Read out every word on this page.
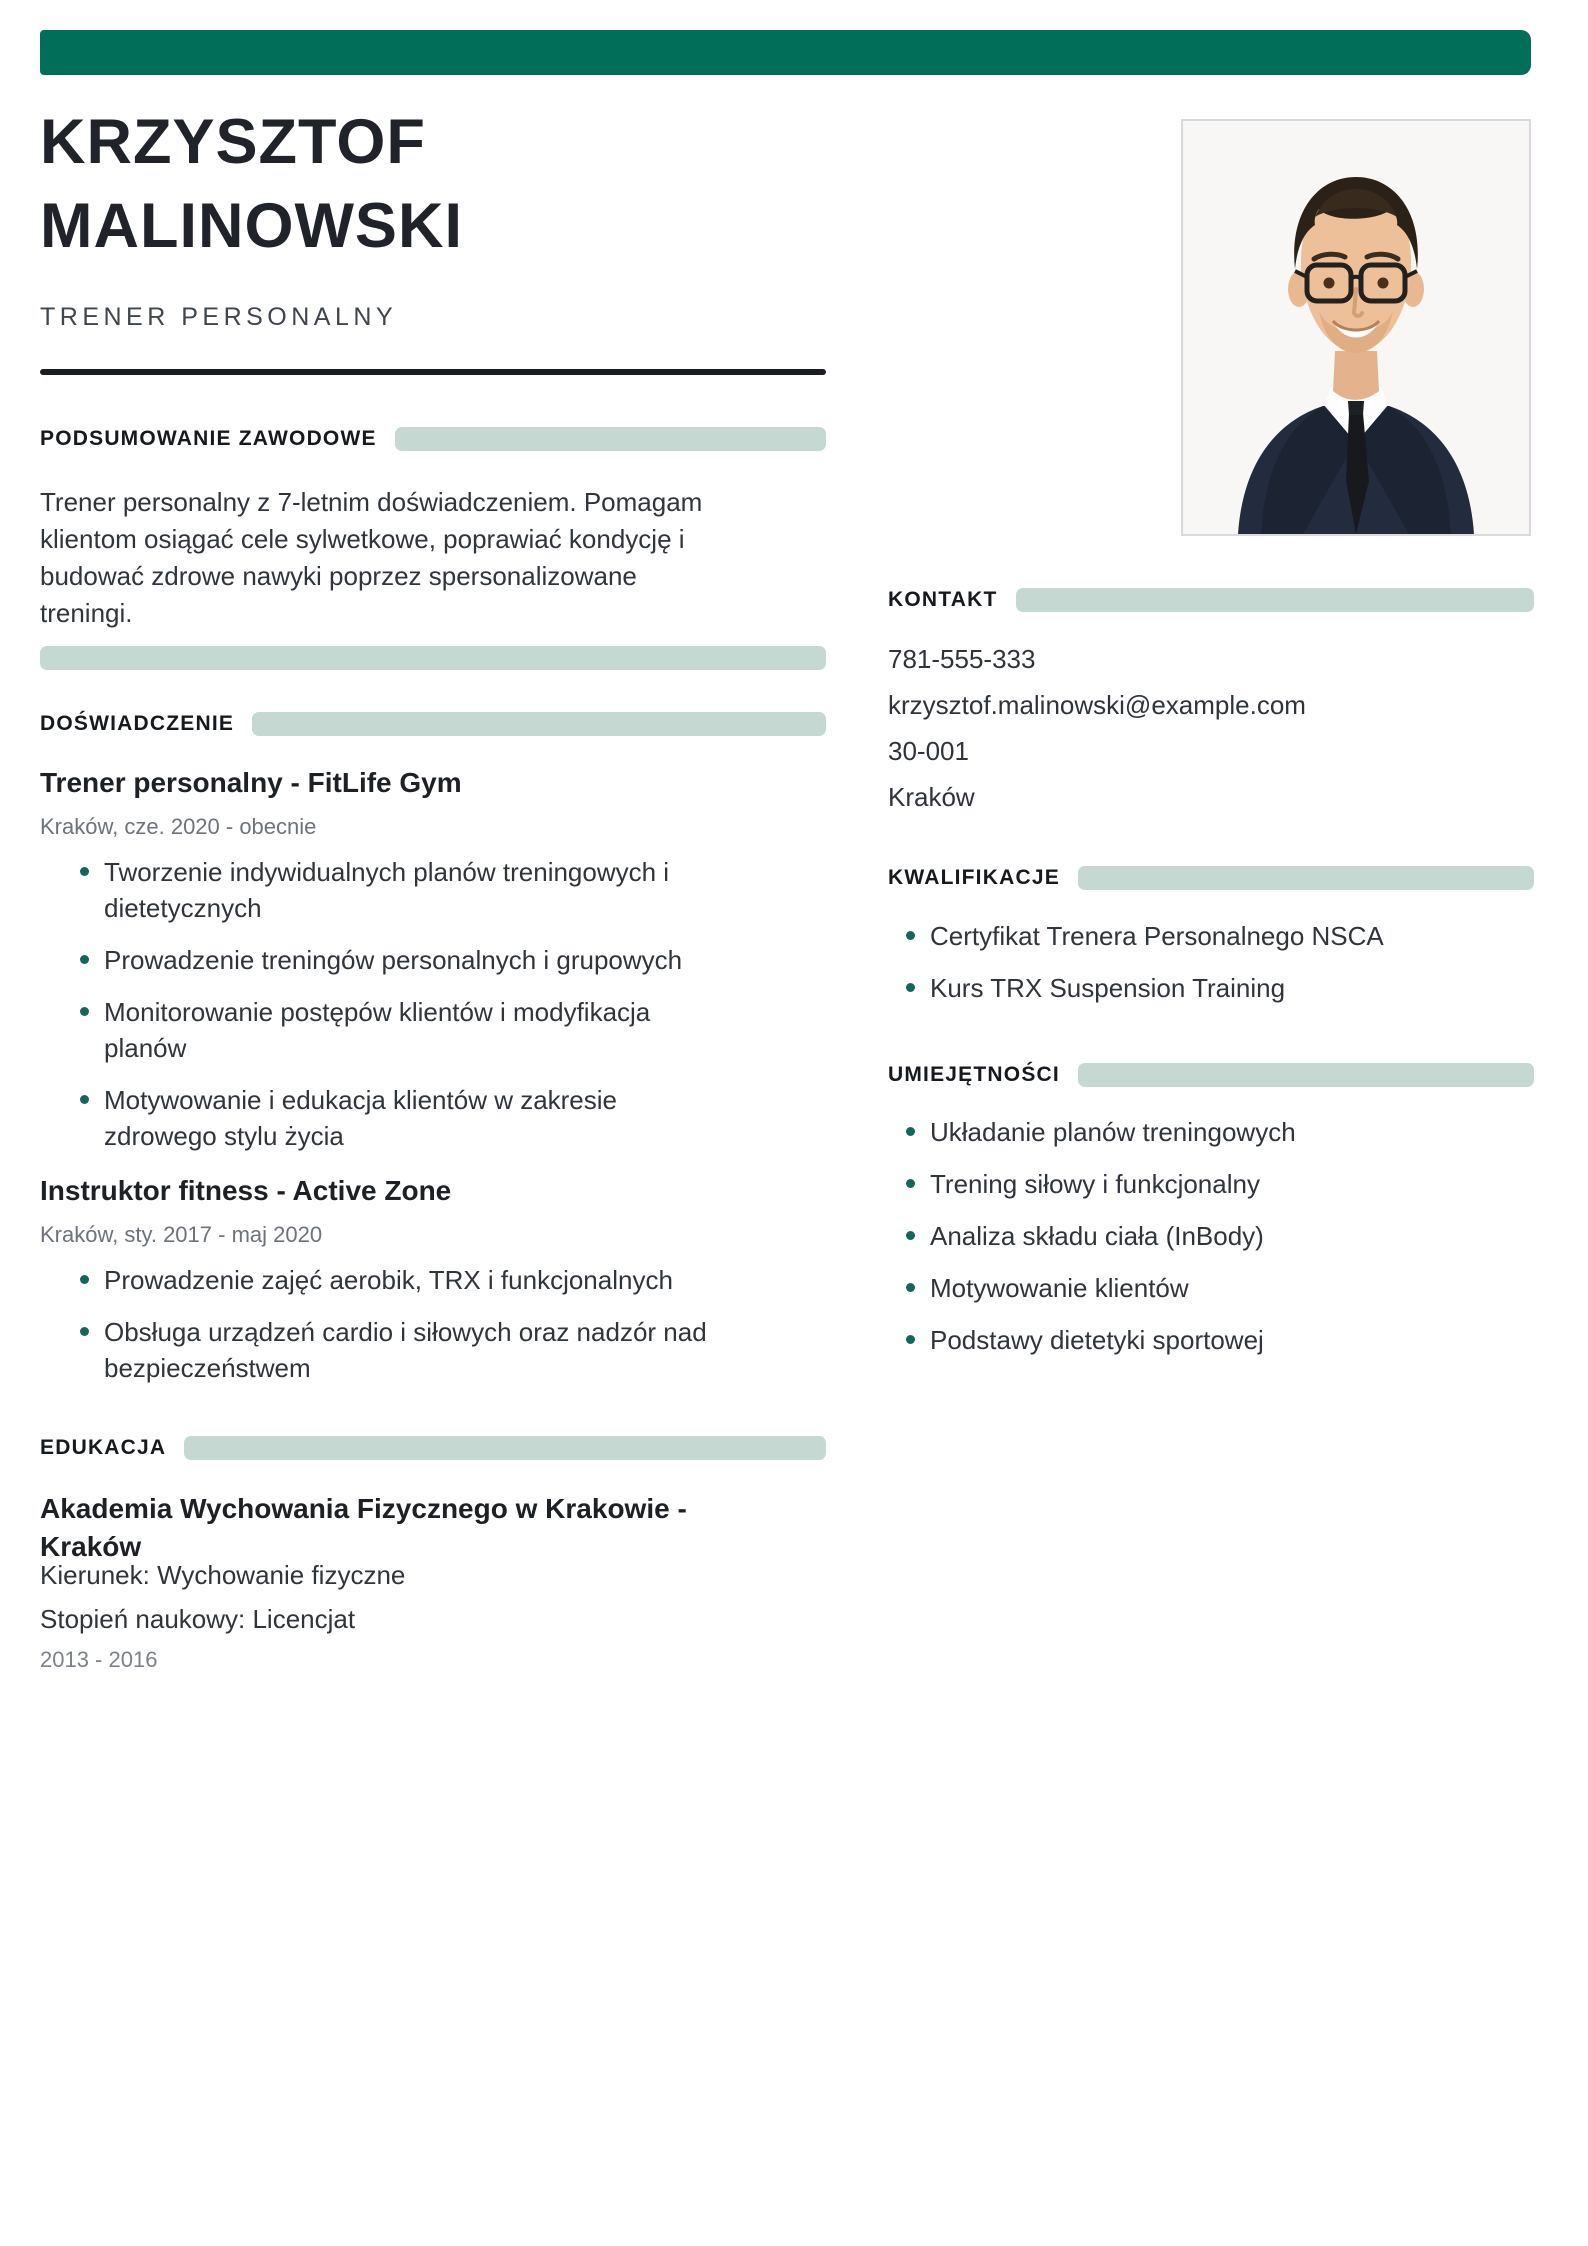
KRZYSZTOF
MALINOWSKI
TRENER PERSONALNY
PODSUMOWANIE ZAWODOWE
Trener personalny z 7-letnim doświadczeniem. Pomagam klientom osiągać cele sylwetkowe, poprawiać kondycję i budować zdrowe nawyki poprzez spersonalizowane treningi.
DOŚWIADCZENIE
Trener personalny - FitLife Gym
Kraków, cze. 2020 - obecnie
Tworzenie indywidualnych planów treningowych i dietetycznych
Prowadzenie treningów personalnych i grupowych
Monitorowanie postępów klientów i modyfikacja planów
Motywowanie i edukacja klientów w zakresie zdrowego stylu życia
Instruktor fitness - Active Zone
Kraków, sty. 2017 - maj 2020
Prowadzenie zajęć aerobik, TRX i funkcjonalnych
Obsługa urządzeń cardio i siłowych oraz nadzór nad bezpieczeństwem
EDUKACJA
Akademia Wychowania Fizycznego w Krakowie - Kraków
Kierunek: Wychowanie fizyczne
Stopień naukowy: Licencjat
2013 - 2016
KONTAKT
781-555-333
krzysztof.malinowski@example.com
30-001
Kraków
KWALIFIKACJE
Certyfikat Trenera Personalnego NSCA
Kurs TRX Suspension Training
UMIEJĘTNOŚCI
Układanie planów treningowych
Trening siłowy i funkcjonalny
Analiza składu ciała (InBody)
Motywowanie klientów
Podstawy dietetyki sportowej
